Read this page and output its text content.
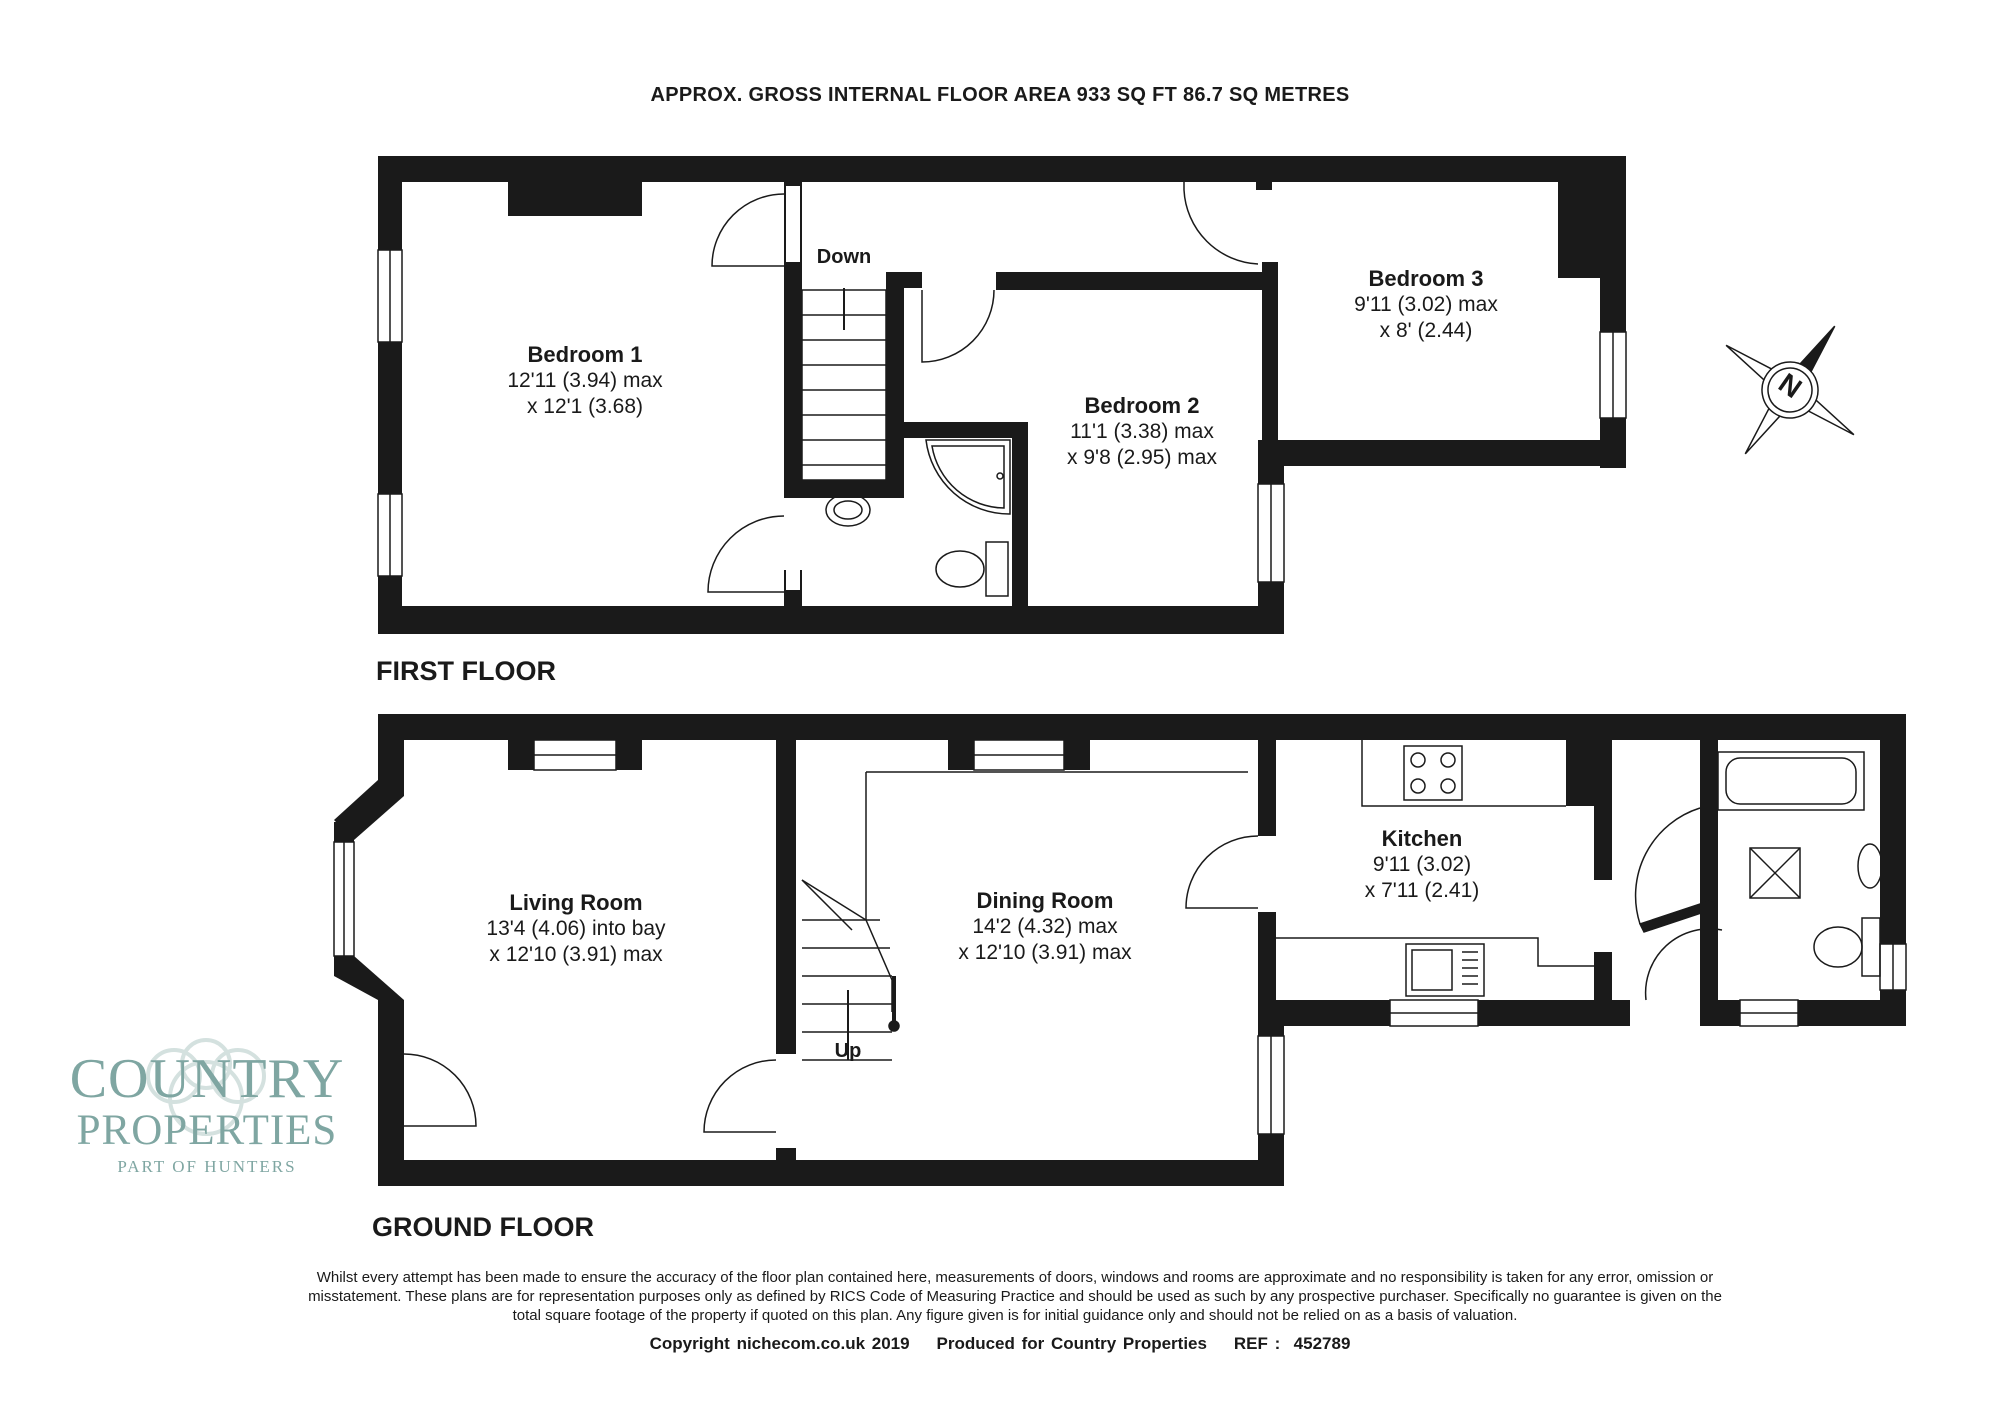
APPROX. GROSS INTERNAL FLOOR AREA 933 SQ FT 86.7 SQ METRES
Bedroom 1
12'11 (3.94) max
x 12'1 (3.68)	Bedroom 2
11'1 (3.38) max
x 9'8 (2.95) max
Bedroom 3
9'11 (3.02) max
x 8' (2.44)
Down
FIRST FLOOR
Living Room
13'4 (4.06) into bay
x 12'10 (3.91) max
Dining Room
14'2 (4.32) max
x 12'10 (3.91) max
Kitchen
9'11 (3.02)
x 7'11 (2.41)
Up
GROUND FLOOR
N
COUNTRY
PROPERTIES
PART OF HUNTERS
Whilst every attempt has been made to ensure the accuracy of the floor plan contained here, measurements of doors, windows and rooms are approximate and no responsibility is taken for any error, omission or misstatement. These plans are for representation purposes only as defined by RICS Code of Measuring Practice and should be used as such by any prospective purchaser. Specifically no guarantee is given on the total square footage of the property if quoted on this plan. Any figure given is for initial guidance only and should not be relied on as a basis of valuation.
Copyright nichecom.co.uk 2019    Produced for Country Properties    REF :  452789
